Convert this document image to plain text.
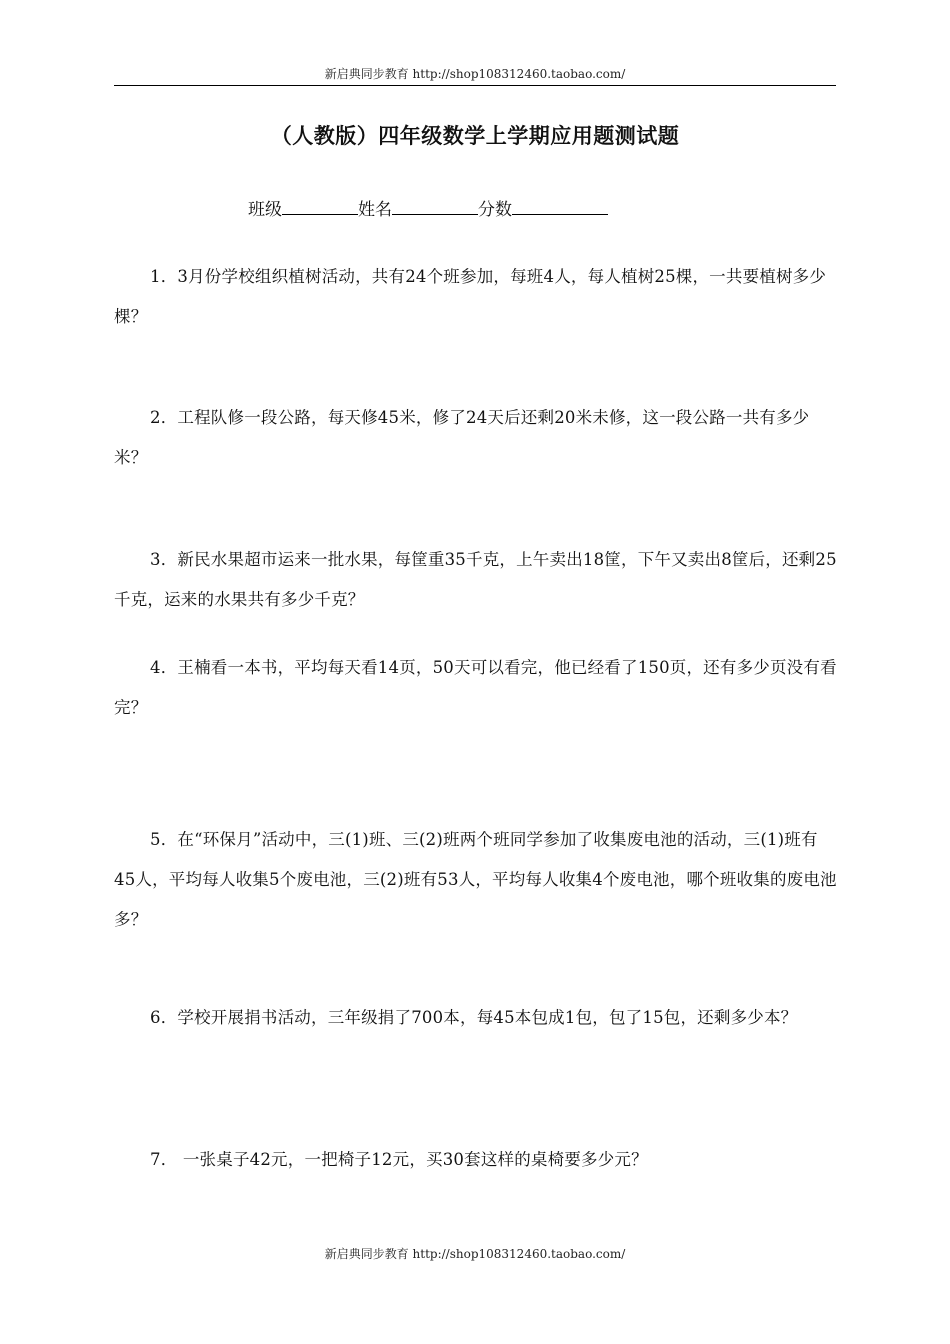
新启典同步教育 http://shop108312460.taobao.com/
（人教版）四年级数学上学期应用题测试题
班级	姓名	分数
1．3月份学校组织植树活动，共有24个班参加，每班4人，每人植树25棵，一共要植树多少棵？
2．工程队修一段公路，每天修45米，修了24天后还剩20米未修，这一段公路一共有多少米？
3．新民水果超市运来一批水果，每筐重35千克，上午卖出18筐，下午又卖出8筐后，还剩25千克，运来的水果共有多少千克？
4．王楠看一本书，平均每天看14页，50天可以看完，他已经看了150页，还有多少页没有看完？
5．在“环保月”活动中，三(1)班、三(2)班两个班同学参加了收集废电池的活动，三(1)班有45人，平均每人收集5个废电池，三(2)班有53人，平均每人收集4个废电池，哪个班收集的废电池多？
6．学校开展捐书活动，三年级捐了700本，每45本包成1包，包了15包，还剩多少本？
7． 一张桌子42元，一把椅子12元，买30套这样的桌椅要多少元？
新启典同步教育 http://shop108312460.taobao.com/
